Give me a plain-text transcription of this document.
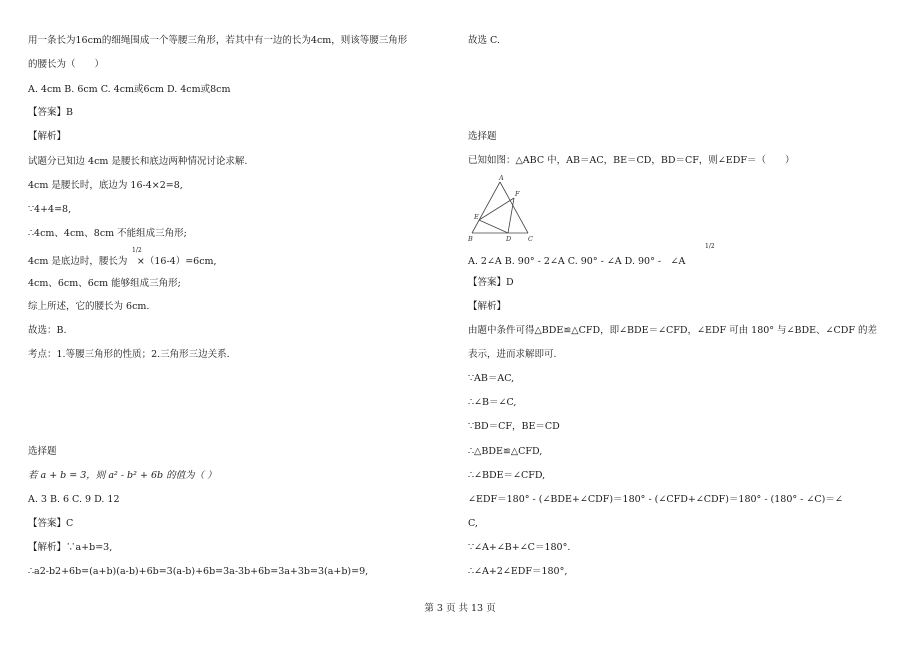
用一条长为16cm的细绳围成一个等腰三角形，若其中有一边的长为4cm，则该等腰三角形
的腰长为（　　）
A. 4cm B. 6cm C. 4cm或6cm D. 4cm或8cm
【答案】B
【解析】
试题分已知边 4cm 是腰长和底边两种情况讨论求解.
4cm 是腰长时，底边为 16-4×2=8,
∵4+4=8,
∴4cm、4cm、8cm 不能组成三角形;
1/2
4cm 是底边时，腰长为　×（16-4）=6cm,
4cm、6cm、6cm 能够组成三角形;
综上所述，它的腰长为 6cm.
故选：B.
考点：1.等腰三角形的性质；2.三角形三边关系.
选择题
若 a + b = 3，则 a² - b² + 6b 的值为（ ）
A. 3 B. 6 C. 9 D. 12
【答案】C
【解析】∵a+b=3,
∴a2-b2+6b=(a+b)(a-b)+6b=3(a-b)+6b=3a-3b+6b=3a+3b=3(a+b)=9,
故选 C.
选择题
已知如图：△ABC 中，AB＝AC，BE＝CD，BD＝CF，则∠EDF＝（　　）
A
F
E
B	D	C
1/2
A. 2∠A B. 90° - 2∠A C. 90° - ∠A D. 90° -　∠A
【答案】D
【解析】
由题中条件可得△BDE≌△CFD，即∠BDE＝∠CFD，∠EDF 可由 180° 与∠BDE、∠CDF 的差
表示，进而求解即可.
∵AB＝AC,
∴∠B＝∠C,
∵BD＝CF，BE＝CD
∴△BDE≌△CFD,
∴∠BDE＝∠CFD,
∠EDF＝180° - (∠BDE+∠CDF)＝180° - (∠CFD+∠CDF)＝180° - (180° - ∠C)＝∠
C,
∵∠A+∠B+∠C＝180°.
∴∠A+2∠EDF＝180°,
第 3 页 共 13 页
